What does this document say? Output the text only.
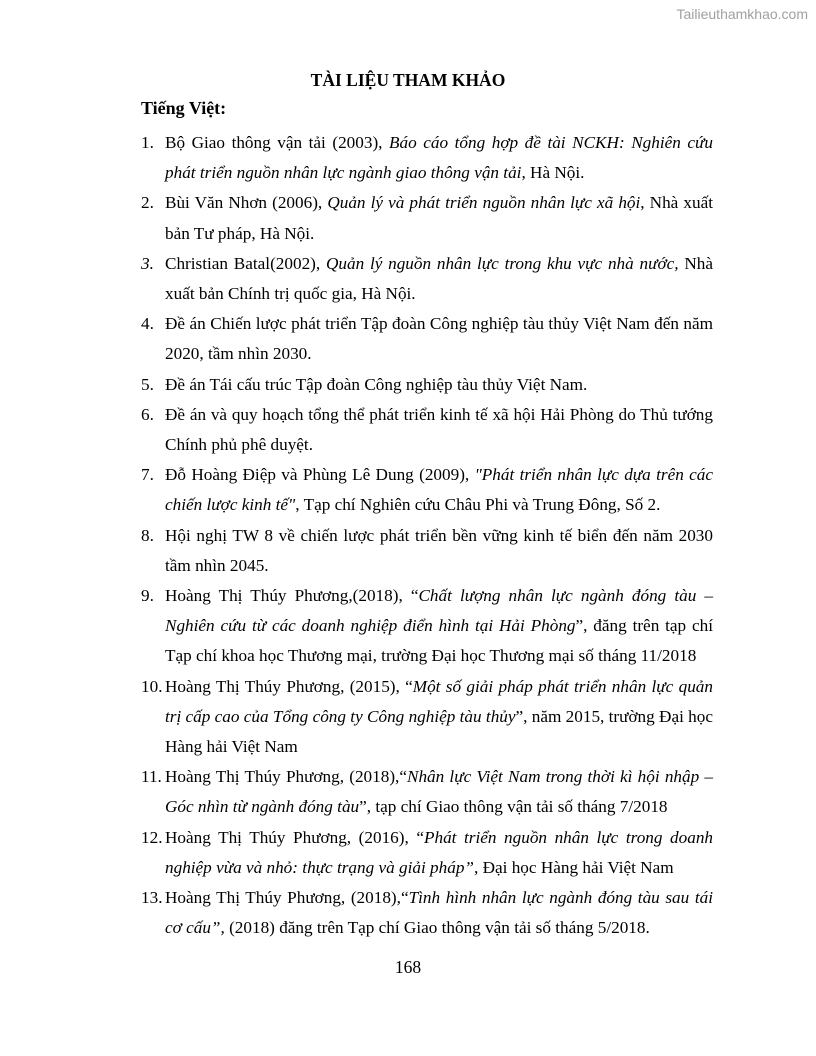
Tailieuthamkhao.com
TÀI LIỆU THAM KHẢO
Tiếng Việt:
1. Bộ Giao thông vận tải (2003), Báo cáo tổng hợp đề tài NCKH: Nghiên cứu phát triển nguồn nhân lực ngành giao thông vận tải, Hà Nội.
2. Bùi Văn Nhơn (2006), Quản lý và phát triển nguồn nhân lực xã hội, Nhà xuất bản Tư pháp, Hà Nội.
3. Christian Batal(2002), Quản lý nguồn nhân lực trong khu vực nhà nước, Nhà xuất bản Chính trị quốc gia, Hà Nội.
4. Đề án Chiến lược phát triển Tập đoàn Công nghiệp tàu thủy Việt Nam đến năm 2020, tầm nhìn 2030.
5. Đề án Tái cấu trúc Tập đoàn Công nghiệp tàu thủy Việt Nam.
6. Đề án và quy hoạch tổng thể phát triển kinh tế xã hội Hải Phòng do Thủ tướng Chính phủ phê duyệt.
7. Đỗ Hoàng Điệp và Phùng Lê Dung (2009), "Phát triển nhân lực dựa trên các chiến lược kinh tế", Tạp chí Nghiên cứu Châu Phi và Trung Đông, Số 2.
8. Hội nghị TW 8 về chiến lược phát triển bền vững kinh tế biển đến năm 2030 tầm nhìn 2045.
9. Hoàng Thị Thúy Phương,(2018), “Chất lượng nhân lực ngành đóng tàu – Nghiên cứu từ các doanh nghiệp điển hình tại Hải Phòng”, đăng trên tạp chí Tạp chí khoa học Thương mại, trường Đại học Thương mại số tháng 11/2018
10. Hoàng Thị Thúy Phương, (2015), “Một số giải pháp phát triển nhân lực quản trị cấp cao của Tổng công ty Công nghiệp tàu thủy”, năm 2015, trường Đại học Hàng hải Việt Nam
11. Hoàng Thị Thúy Phương, (2018),“Nhân lực Việt Nam trong thời kì hội nhập – Góc nhìn từ ngành đóng tàu”, tạp chí Giao thông vận tải số tháng 7/2018
12. Hoàng Thị Thúy Phương, (2016), “Phát triển nguồn nhân lực trong doanh nghiệp vừa và nhỏ: thực trạng và giải pháp”, Đại học Hàng hải Việt Nam
13. Hoàng Thị Thúy Phương, (2018),“Tình hình nhân lực ngành đóng tàu sau tái cơ cấu”, (2018) đăng trên Tạp chí Giao thông vận tải số tháng 5/2018.
168
